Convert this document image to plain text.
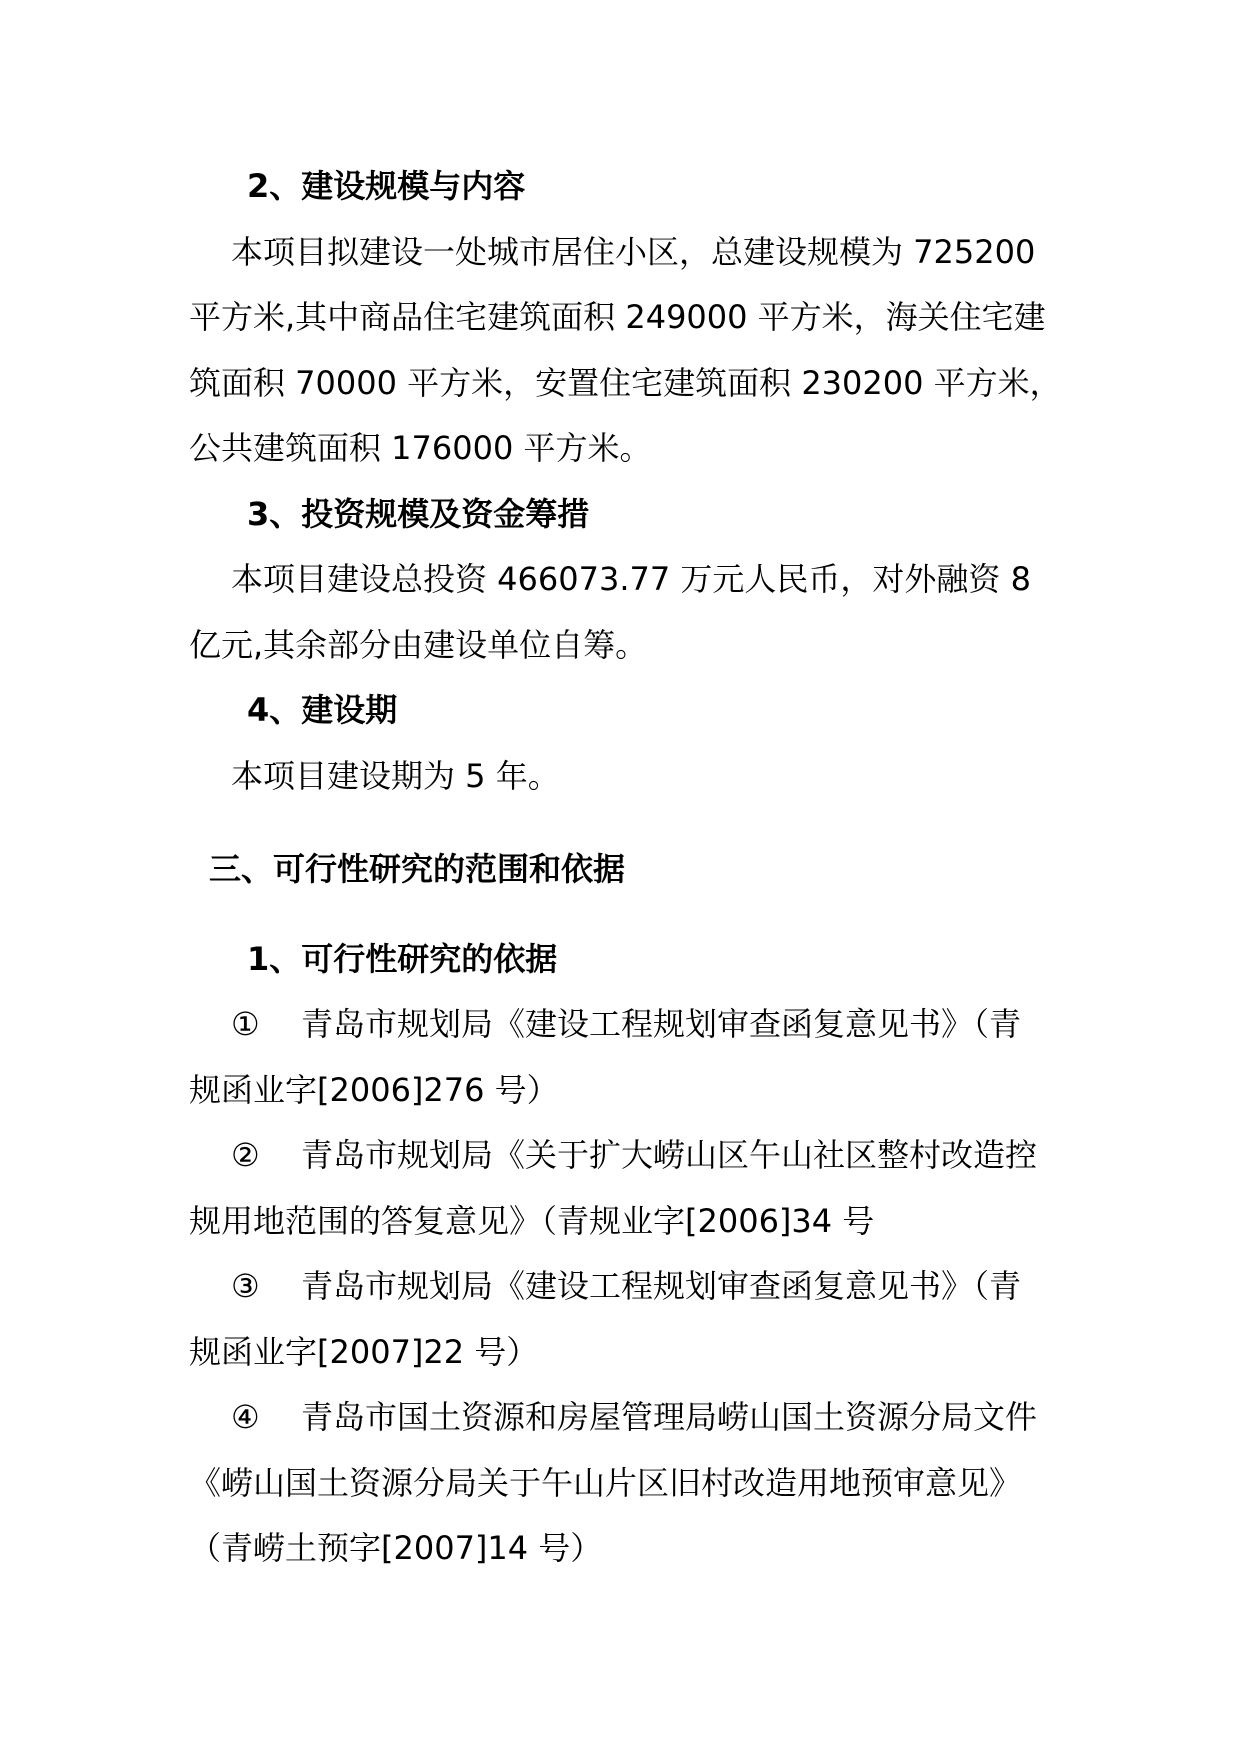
2、建设规模与内容
本项目拟建设一处城市居住小区，总建设规模为 725200
平方米,其中商品住宅建筑面积 249000 平方米，海关住宅建
筑面积 70000 平方米，安置住宅建筑面积 230200 平方米，
公共建筑面积 176000 平方米。
3、投资规模及资金筹措
本项目建设总投资 466073.77 万元人民币，对外融资 8
亿元,其余部分由建设单位自筹。
4、建设期
本项目建设期为 5 年。
三、可行性研究的范围和依据
1、可行性研究的依据
① 青岛市规划局《建设工程规划审查函复意见书》（青
规函业字[2006]276 号）
② 青岛市规划局《关于扩大崂山区午山社区整村改造控
规用地范围的答复意见》（青规业字[2006]34 号
③ 青岛市规划局《建设工程规划审查函复意见书》（青
规函业字[2007]22 号）
④ 青岛市国土资源和房屋管理局崂山国土资源分局文件
《崂山国土资源分局关于午山片区旧村改造用地预审意见》
（青崂土预字[2007]14 号）
